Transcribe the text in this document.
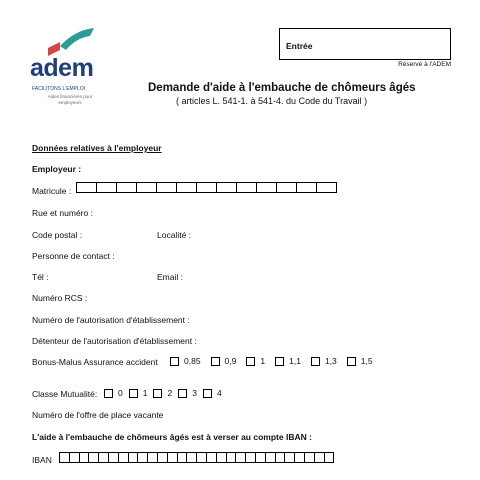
adem
FACILITONS L'EMPLOI
Aides financières pour employeurs
Entrée
Réservé à l'ADEM
Demande d'aide à l'embauche de chômeurs âgés
( articles L. 541-1. à 541-4. du Code du Travail )
Données relatives à l'employeur
Employeur :
Matricule :
Rue et numéro :
Code postal :	Localité :
Personne de contact :
Tél :	Email :
Numéro RCS :
Numéro de l'autorisation d'établissement :
Détenteur de l'autorisation d'établissement :
Bonus-Malus Assurance accident	0,85	0,9	1	1,1	1,3	1,5
Classe Mutualité: 0 1 2 3 4
Numéro de l'offre de place vacante
L'aide à l'embauche de chômeurs âgés est à verser au compte IBAN :
IBAN
